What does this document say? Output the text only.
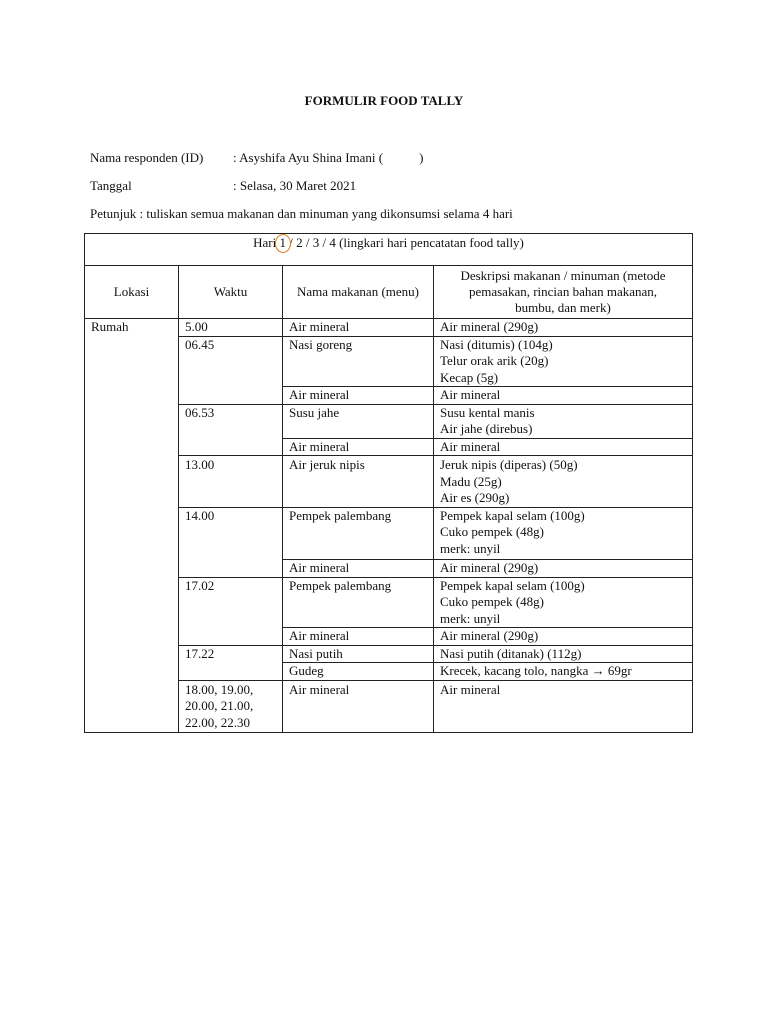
FORMULIR FOOD TALLY
Nama responden (ID) : Asyshifa Ayu Shina Imani (	)
Tanggal	: Selasa, 30 Maret 2021
Petunjuk : tuliskan semua makanan dan minuman yang dikonsumsi selama 4 hari
Hari 1 / 2 / 3 / 4 (lingkari hari pencatatan food tally)			
Lokasi	Waktu	Nama makanan (menu)	Deskripsi makanan / minuman (metode pemasakan, rincian bahan makanan, bumbu, dan merk)
Rumah	5.00	Air mineral	Air mineral (290g)

	06.45	Nasi goreng	Nasi (ditumis) (104g)
Telur orak arik (20g)
Kecap (5g)

		Air mineral	Air mineral

	06.53	Susu jahe	Susu kental manis
Air jahe (direbus)

		Air mineral	Air mineral

	13.00	Air jeruk nipis	Jeruk nipis (diperas) (50g)
Madu (25g)
Air es (290g)

	14.00	Pempek palembang	Pempek kapal selam (100g)
Cuko pempek (48g)
merk: unyil

		Air mineral	Air mineral (290g)

	17.02	Pempek palembang	Pempek kapal selam (100g)
Cuko pempek (48g)
merk: unyil

		Air mineral	Air mineral (290g)

	17.22	Nasi putih	Nasi putih (ditanak) (112g)

		Gudeg	Krecek, kacang tolo, nangka → 69gr

	18.00, 19.00, 20.00, 21.00, 22.00, 22.30	Air mineral	Air mineral
